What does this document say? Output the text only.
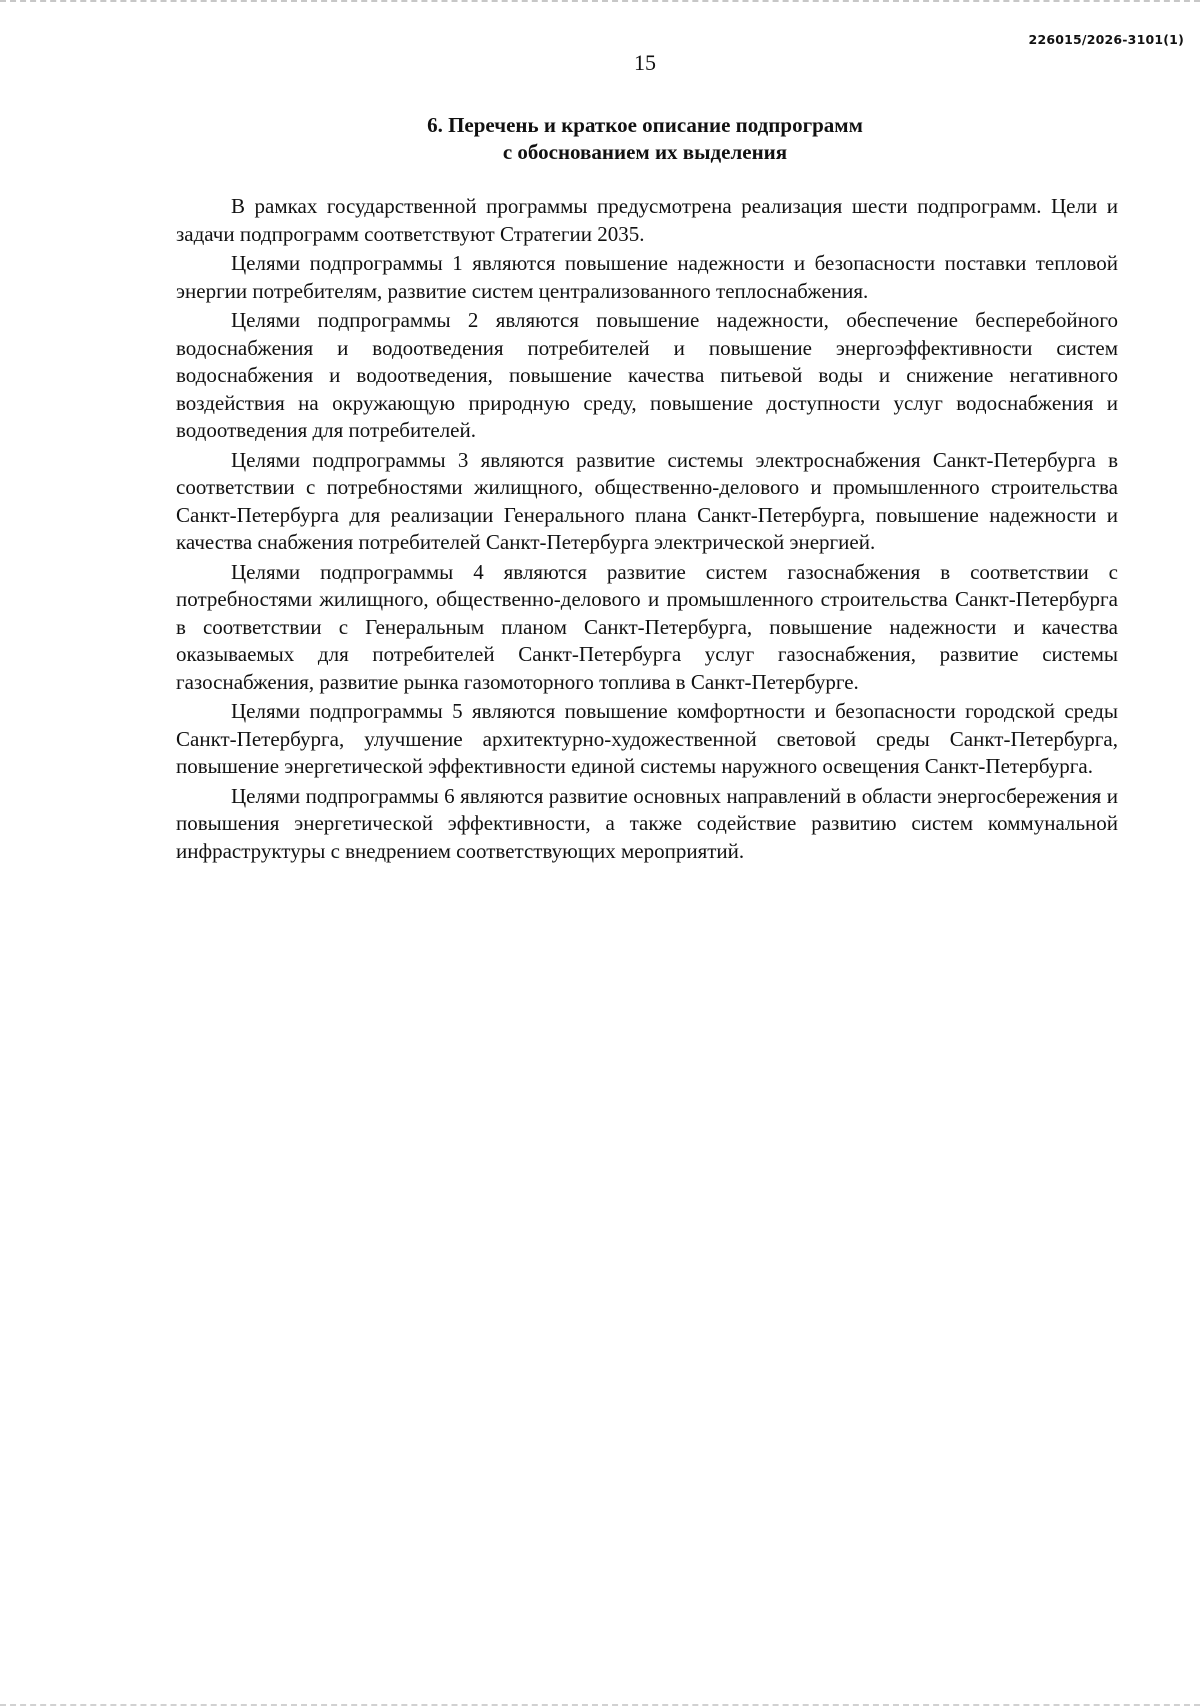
226015/2026-3101(1)
15
6. Перечень и краткое описание подпрограмм
с обоснованием их выделения

В рамках государственной программы предусмотрена реализация шести подпрограмм. Цели и задачи подпрограмм соответствуют Стратегии 2035.

Целями подпрограммы 1 являются повышение надежности и безопасности поставки тепловой энергии потребителям, развитие систем централизованного теплоснабжения.

Целями подпрограммы 2 являются повышение надежности, обеспечение бесперебойного водоснабжения и водоотведения потребителей и повышение энергоэффективности систем водоснабжения и водоотведения, повышение качества питьевой воды и снижение негативного воздействия на окружающую природную среду, повышение доступности услуг водоснабжения и водоотведения для потребителей.

Целями подпрограммы 3 являются развитие системы электроснабжения Санкт-Петербурга в соответствии с потребностями жилищного, общественно-делового и промышленного строительства Санкт-Петербурга для реализации Генерального плана Санкт-Петербурга, повышение надежности и качества снабжения потребителей Санкт-Петербурга электрической энергией.

Целями подпрограммы 4 являются развитие систем газоснабжения в соответствии с потребностями жилищного, общественно-делового и промышленного строительства Санкт-Петербурга в соответствии с Генеральным планом Санкт-Петербурга, повышение надежности и качества оказываемых для потребителей Санкт-Петербурга услуг газоснабжения, развитие системы газоснабжения, развитие рынка газомоторного топлива в Санкт-Петербурге.

Целями подпрограммы 5 являются повышение комфортности и безопасности городской среды Санкт-Петербурга, улучшение архитектурно-художественной световой среды Санкт-Петербурга, повышение энергетической эффективности единой системы наружного освещения Санкт-Петербурга.

Целями подпрограммы 6 являются развитие основных направлений в области энергосбережения и повышения энергетической эффективности, а также содействие развитию систем коммунальной инфраструктуры с внедрением соответствующих мероприятий.
